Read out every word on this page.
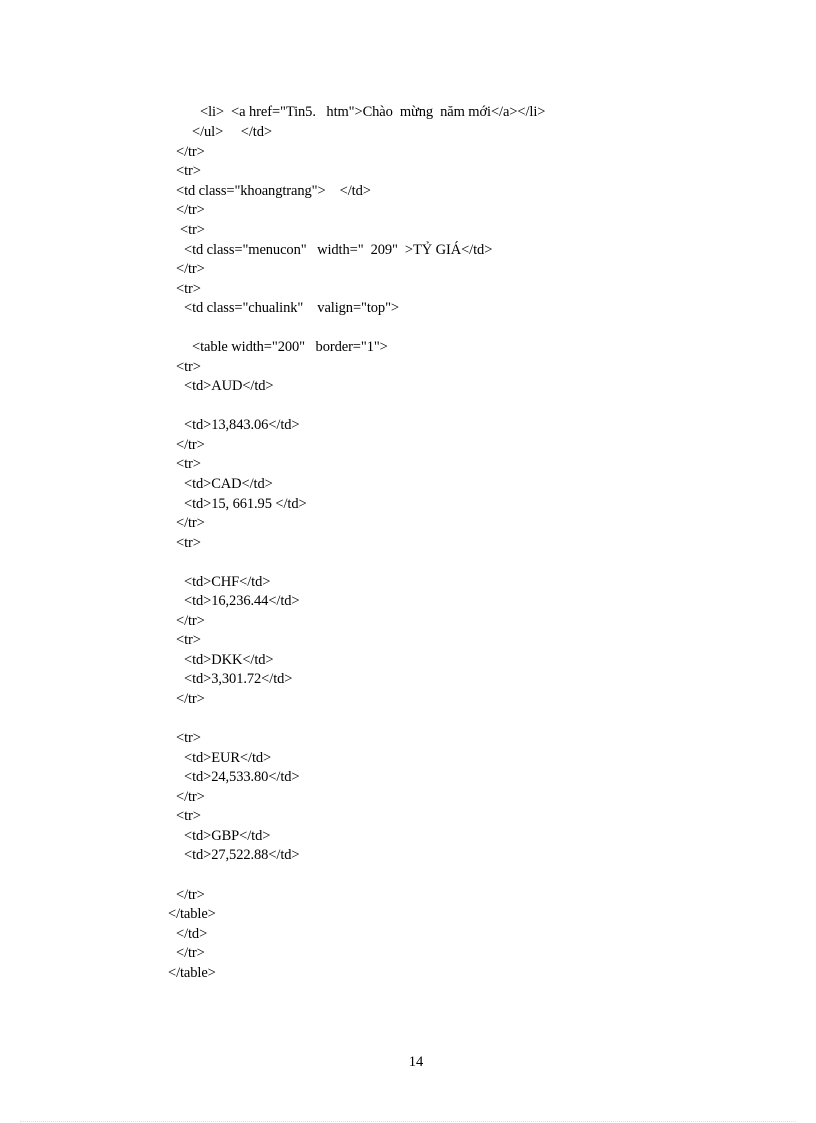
<li>  <a href="Tin5.   htm">Chào  mừng  năm mới</a></li>
</ul>     </td>
</tr>
<tr>
<td class="khoangtrang">    </td>
</tr>
<tr>
<td class="menucon"   width="  209"  >TỶ GIÁ</td>
</tr>
<tr>
<td class="chualink"    valign="top">
<table width="200"   border="1">
<tr>
<td>AUD</td>
<td>13,843.06</td>
</tr>
<tr>
<td>CAD</td>
<td>15, 661.95 </td>
</tr>
<tr>
<td>CHF</td>
<td>16,236.44</td>
</tr>
<tr>
<td>DKK</td>
<td>3,301.72</td>
</tr>
<tr>
<td>EUR</td>
<td>24,533.80</td>
</tr>
<tr>
<td>GBP</td>
<td>27,522.88</td>
</tr>
</table>
</td>
</tr>
</table>
14
